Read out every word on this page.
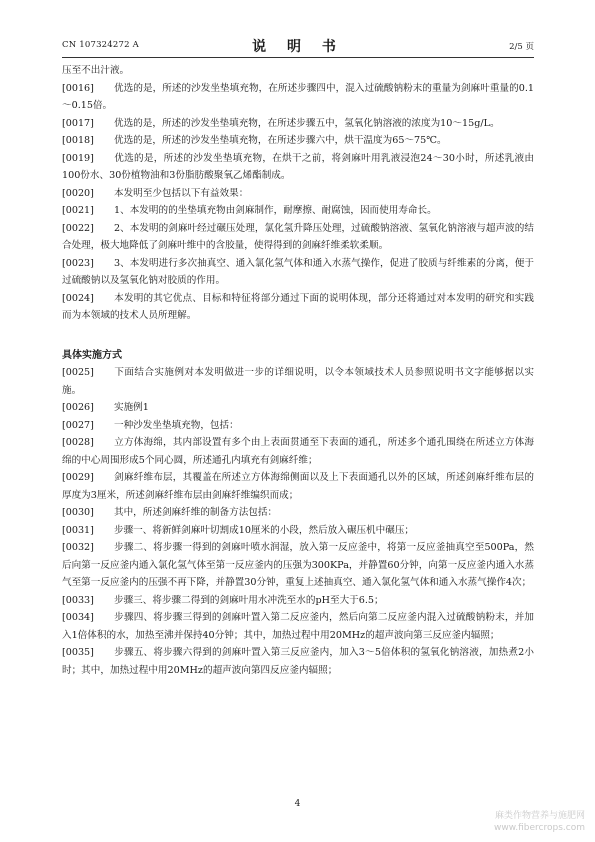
CN 107324272 A	说 明 书	2/5 页

压至不出汁液。

[0016] 优选的是，所述的沙发坐垫填充物，在所述步骤四中，混入过硫酸钠粉末的重量为剑麻叶重量的0.1～0.15倍。

[0017] 优选的是，所述的沙发坐垫填充物，在所述步骤五中，氢氧化钠溶液的浓度为10～15g/L。

[0018] 优选的是，所述的沙发坐垫填充物，在所述步骤六中，烘干温度为65～75℃。

[0019] 优选的是，所述的沙发坐垫填充物，在烘干之前，将剑麻叶用乳液浸泡24～30小时，所述乳液由100份水、30份植物油和3份脂肪酸聚氧乙烯酯制成。

[0020] 本发明至少包括以下有益效果：

[0021] 1、本发明的的坐垫填充物由剑麻制作，耐摩擦、耐腐蚀，因而使用寿命长。

[0022] 2、本发明的剑麻叶经过碾压处理，氯化氢升降压处理，过硫酸钠溶液、氢氧化钠溶液与超声波的结合处理，极大地降低了剑麻叶维中的含胶量，使得得到的剑麻纤维柔软柔顺。

[0023] 3、本发明进行多次抽真空、通入氯化氢气体和通入水蒸气操作，促进了胶质与纤维素的分离，便于过硫酸钠以及氢氧化钠对胶质的作用。

[0024] 本发明的其它优点、目标和特征将部分通过下面的说明体现，部分还将通过对本发明的研究和实践而为本领域的技术人员所理解。

具体实施方式

[0025] 下面结合实施例对本发明做进一步的详细说明，以令本领域技术人员参照说明书文字能够据以实施。

[0026] 实施例1

[0027] 一种沙发坐垫填充物，包括：

[0028] 立方体海绵，其内部设置有多个由上表面贯通至下表面的通孔，所述多个通孔围绕在所述立方体海绵的中心周围形成5个同心圆，所述通孔内填充有剑麻纤维；

[0029] 剑麻纤维布层，其覆盖在所述立方体海绵侧面以及上下表面通孔以外的区域，所述剑麻纤维布层的厚度为3厘米，所述剑麻纤维布层由剑麻纤维编织而成；

[0030] 其中，所述剑麻纤维的制备方法包括：

[0031] 步骤一、将新鲜剑麻叶切割成10厘米的小段，然后放入碾压机中碾压；

[0032] 步骤二、将步骤一得到的剑麻叶喷水润湿，放入第一反应釜中，将第一反应釜抽真空至500Pa，然后向第一反应釜内通入氯化氢气体至第一反应釜内的压强为300KPa，并静置60分钟，向第一反应釜内通入水蒸气至第一反应釜内的压强不再下降，并静置30分钟，重复上述抽真空、通入氯化氢气体和通入水蒸气操作4次；

[0033] 步骤三、将步骤二得到的剑麻叶用水冲洗至水的pH至大于6.5；

[0034] 步骤四、将步骤三得到的剑麻叶置入第二反应釜内，然后向第二反应釜内混入过硫酸钠粉末，并加入1倍体积的水，加热至沸并保持40分钟；其中，加热过程中用20MHz的超声波向第三反应釜内辐照；

[0035] 步骤五、将步骤六得到的剑麻叶置入第三反应釜内，加入3～5倍体积的氢氧化钠溶液，加热煮2小时；其中，加热过程中用20MHz的超声波向第四反应釜内辐照；

4
麻类作物营养与施肥网
www.fibercrops.com
